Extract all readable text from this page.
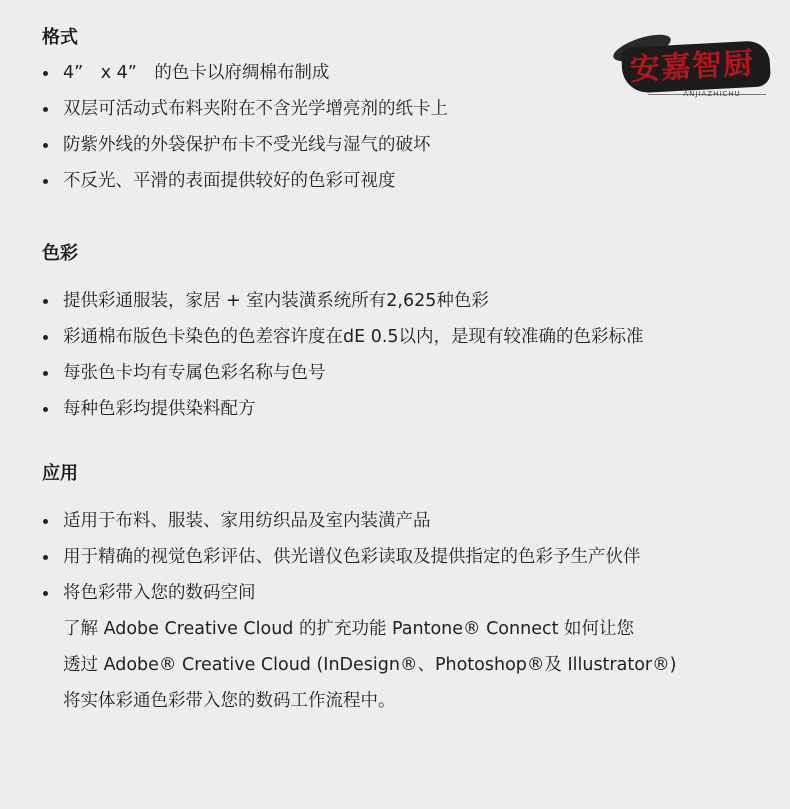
安嘉智厨
ANJIAZHICHU
格式
4”　x 4”　的色卡以府绸棉布制成
双层可活动式布料夹附在不含光学增亮剂的纸卡上
防紫外线的外袋保护布卡不受光线与湿气的破坏
不反光、平滑的表面提供较好的色彩可视度
色彩
提供彩通服装，家居 + 室内装潢系统所有2,625种色彩
彩通棉布版色卡染色的色差容许度在dE 0.5以内，是现有较准确的色彩标准
每张色卡均有专属色彩名称与色号
每种色彩均提供染料配方
应用
适用于布料、服装、家用纺织品及室内装潢产品
用于精确的视觉色彩评估、供光谱仪色彩读取及提供指定的色彩予生产伙伴
将色彩带入您的数码空间
了解 Adobe Creative Cloud 的扩充功能 Pantone® Connect 如何让您
透过 Adobe® Creative Cloud (InDesign®、Photoshop®及 Illustrator®)
将实体彩通色彩带入您的数码工作流程中。
